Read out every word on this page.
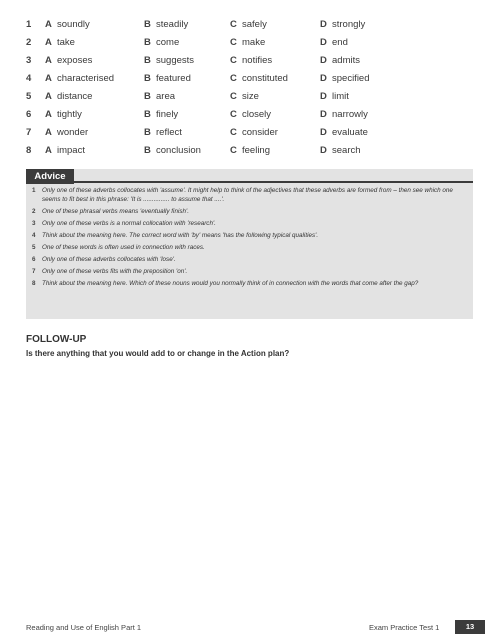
1	A soundly	B steadily	C safely	D strongly
2	A take	B come	C make	D end
3	A exposes	B suggests	C notifies	D admits
4	A characterised	B featured	C constituted	D specified
5	A distance	B area	C size	D limit
6	A tightly	B finely	C closely	D narrowly
7	A wonder	B reflect	C consider	D evaluate
8	A impact	B conclusion	C feeling	D search
Advice
1 Only one of these adverbs collocates with 'assume'. It might help to think of the adjectives that these adverbs are formed from – then see which one seems to fit best in this phrase: 'It is ............... to assume that ....'.
2 One of these phrasal verbs means 'eventually finish'.
3 Only one of these verbs is a normal collocation with 'research'.
4 Think about the meaning here. The correct word with 'by' means 'has the following typical qualities'.
5 One of these words is often used in connection with races.
6 Only one of these adverbs collocates with 'lose'.
7 Only one of these verbs fits with the preposition 'on'.
8 Think about the meaning here. Which of these nouns would you normally think of in connection with the words that come after the gap?
FOLLOW-UP
Is there anything that you would add to or change in the Action plan?
Reading and Use of English Part 1	Exam Practice Test 1	13
